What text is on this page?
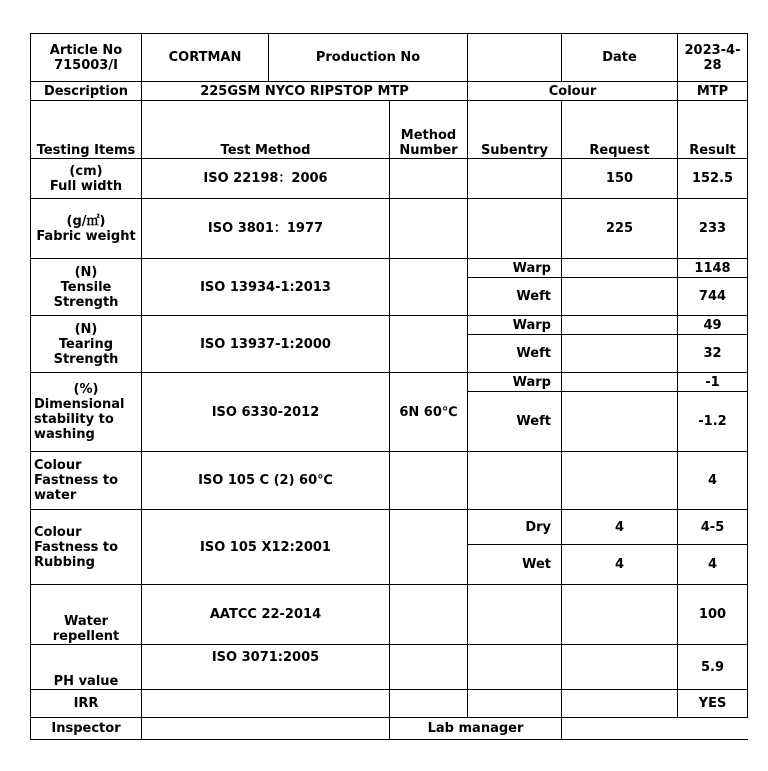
Article No 715003/I	CORTMAN	Production No			Date	2023-4-28
Description	225GSM NYCO RIPSTOP MTP			Colour		MTP
Testing Items	Test Method		Method Number	Subentry	Request	Result

(cm)
Full width	ISO 22198：2006				150	152.5

(g/㎡)
Fabric weight	ISO 3801：1977				225	233

(N)
Tensile Strength	ISO 13934-1:2013			Warp		1148
				Weft		744

(N)
Tearing Strength	ISO 13937-1:2000			Warp		49
				Weft		32

(%)
Dimensional stability to washing	ISO 6330-2012		6N 60℃	Warp		-1
				Weft		-1.2
Colour Fastness to water	ISO 105 C (2) 60℃					4
Colour Fastness to Rubbing	ISO 105 X12:2001			Dry	4	4-5
				Wet	4	4
Water repellent	AATCC 22-2014					100
PH value	ISO 3071:2005					5.9
IRR						YES
Inspector			Lab manager			
